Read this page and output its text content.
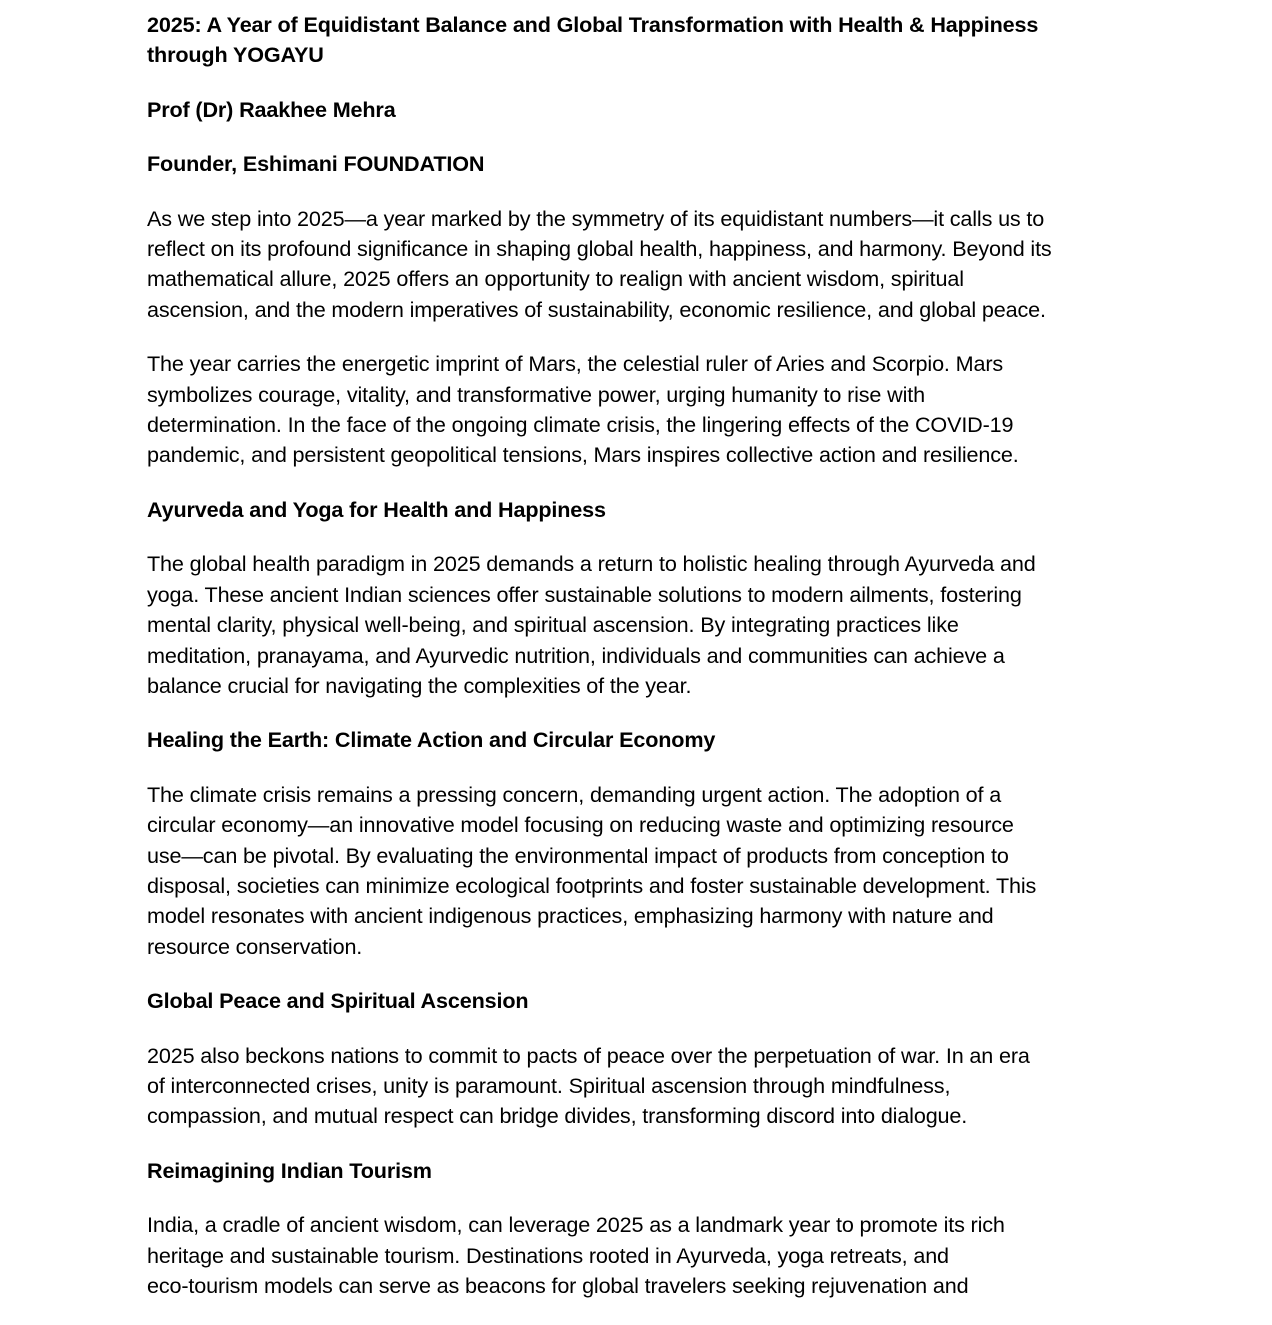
2025: A Year of Equidistant Balance and Global Transformation with Health & Happiness
through YOGAYU
Prof (Dr) Raakhee Mehra
Founder, Eshimani FOUNDATION
As we step into 2025—a year marked by the symmetry of its equidistant numbers—it calls us to
reflect on its profound significance in shaping global health, happiness, and harmony. Beyond its
mathematical allure, 2025 offers an opportunity to realign with ancient wisdom, spiritual
ascension, and the modern imperatives of sustainability, economic resilience, and global peace.
The year carries the energetic imprint of Mars, the celestial ruler of Aries and Scorpio. Mars
symbolizes courage, vitality, and transformative power, urging humanity to rise with
determination. In the face of the ongoing climate crisis, the lingering effects of the COVID-19
pandemic, and persistent geopolitical tensions, Mars inspires collective action and resilience.
Ayurveda and Yoga for Health and Happiness
The global health paradigm in 2025 demands a return to holistic healing through Ayurveda and
yoga. These ancient Indian sciences offer sustainable solutions to modern ailments, fostering
mental clarity, physical well-being, and spiritual ascension. By integrating practices like
meditation, pranayama, and Ayurvedic nutrition, individuals and communities can achieve a
balance crucial for navigating the complexities of the year.
Healing the Earth: Climate Action and Circular Economy
The climate crisis remains a pressing concern, demanding urgent action. The adoption of a
circular economy—an innovative model focusing on reducing waste and optimizing resource
use—can be pivotal. By evaluating the environmental impact of products from conception to
disposal, societies can minimize ecological footprints and foster sustainable development. This
model resonates with ancient indigenous practices, emphasizing harmony with nature and
resource conservation.
Global Peace and Spiritual Ascension
2025 also beckons nations to commit to pacts of peace over the perpetuation of war. In an era
of interconnected crises, unity is paramount. Spiritual ascension through mindfulness,
compassion, and mutual respect can bridge divides, transforming discord into dialogue.
Reimagining Indian Tourism
India, a cradle of ancient wisdom, can leverage 2025 as a landmark year to promote its rich
heritage and sustainable tourism. Destinations rooted in Ayurveda, yoga retreats, and
eco-tourism models can serve as beacons for global travelers seeking rejuvenation and
